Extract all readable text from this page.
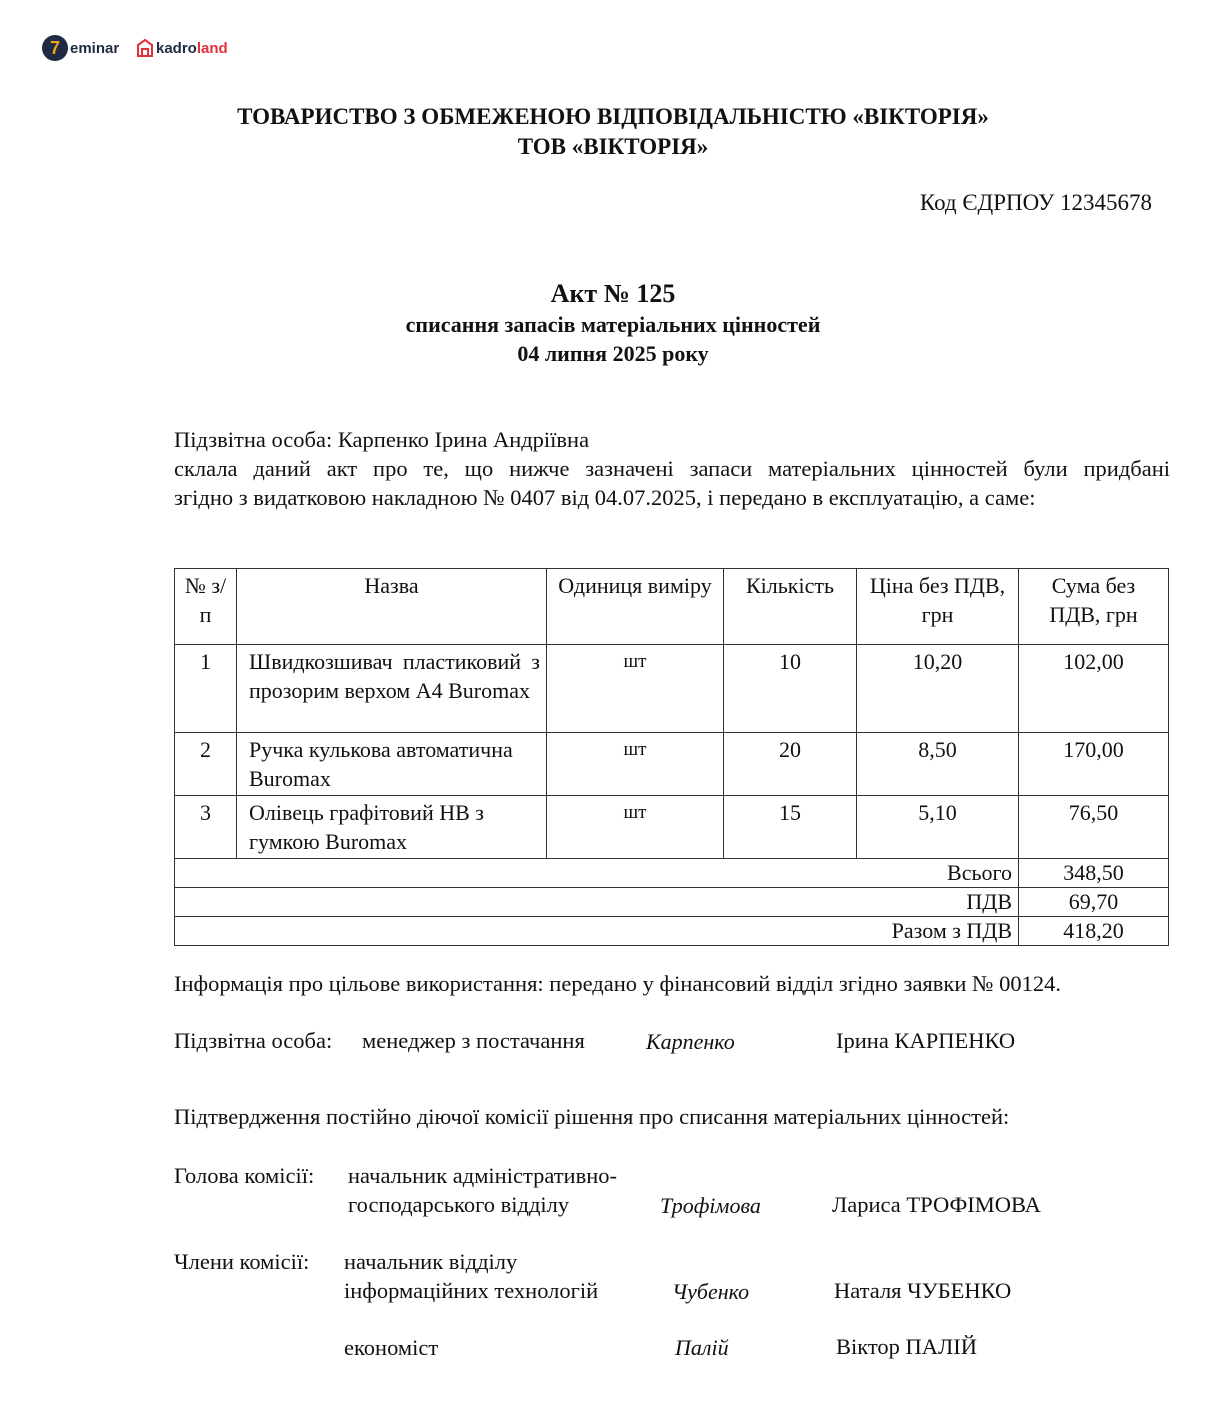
7 eminar kadroland
ТОВАРИСТВО З ОБМЕЖЕНОЮ ВІДПОВІДАЛЬНІСТЮ «ВІКТОРІЯ»
ТОВ «ВІКТОРІЯ»
Код ЄДРПОУ 12345678
Акт № 125
списання запасів матеріальних цінностей
04 липня 2025 року
Підзвітна особа: Карпенко Ірина Андріївна
склала даний акт про те, що нижче зазначені запаси матеріальних цінностей були придбані
згідно з видатковою накладною № 0407 від 04.07.2025, і передано в експлуатацію, а саме:
№ з/п	Назва	Одиниця виміру	Кількість	Ціна без ПДВ, грн	Сума без ПДВ, грн
1	Швидкозшивач пластиковий з прозорим верхом А4 Buromax	шт	10	10,20	102,00
2	Ручка кулькова автоматична Buromax	шт	20	8,50	170,00
3	Олівець графітовий НВ з гумкою Buromax	шт	15	5,10	76,50
Всього					348,50
ПДВ					69,70
Разом з ПДВ					418,20
Інформація про цільове використання: передано у фінансовий відділ згідно заявки № 00124.
Підзвітна особа: менеджер з постачання	Карпенко	Ірина КАРПЕНКО
Підтвердження постійно діючої комісії рішення про списання матеріальних цінностей:
Голова комісії: начальник адміністративно-
господарського відділу	Трофімова	Лариса ТРОФІМОВА
Члени комісії: начальник відділу
інформаційних технологій	Чубенко	Наталя ЧУБЕНКО
економіст	Палій	Віктор ПАЛІЙ
